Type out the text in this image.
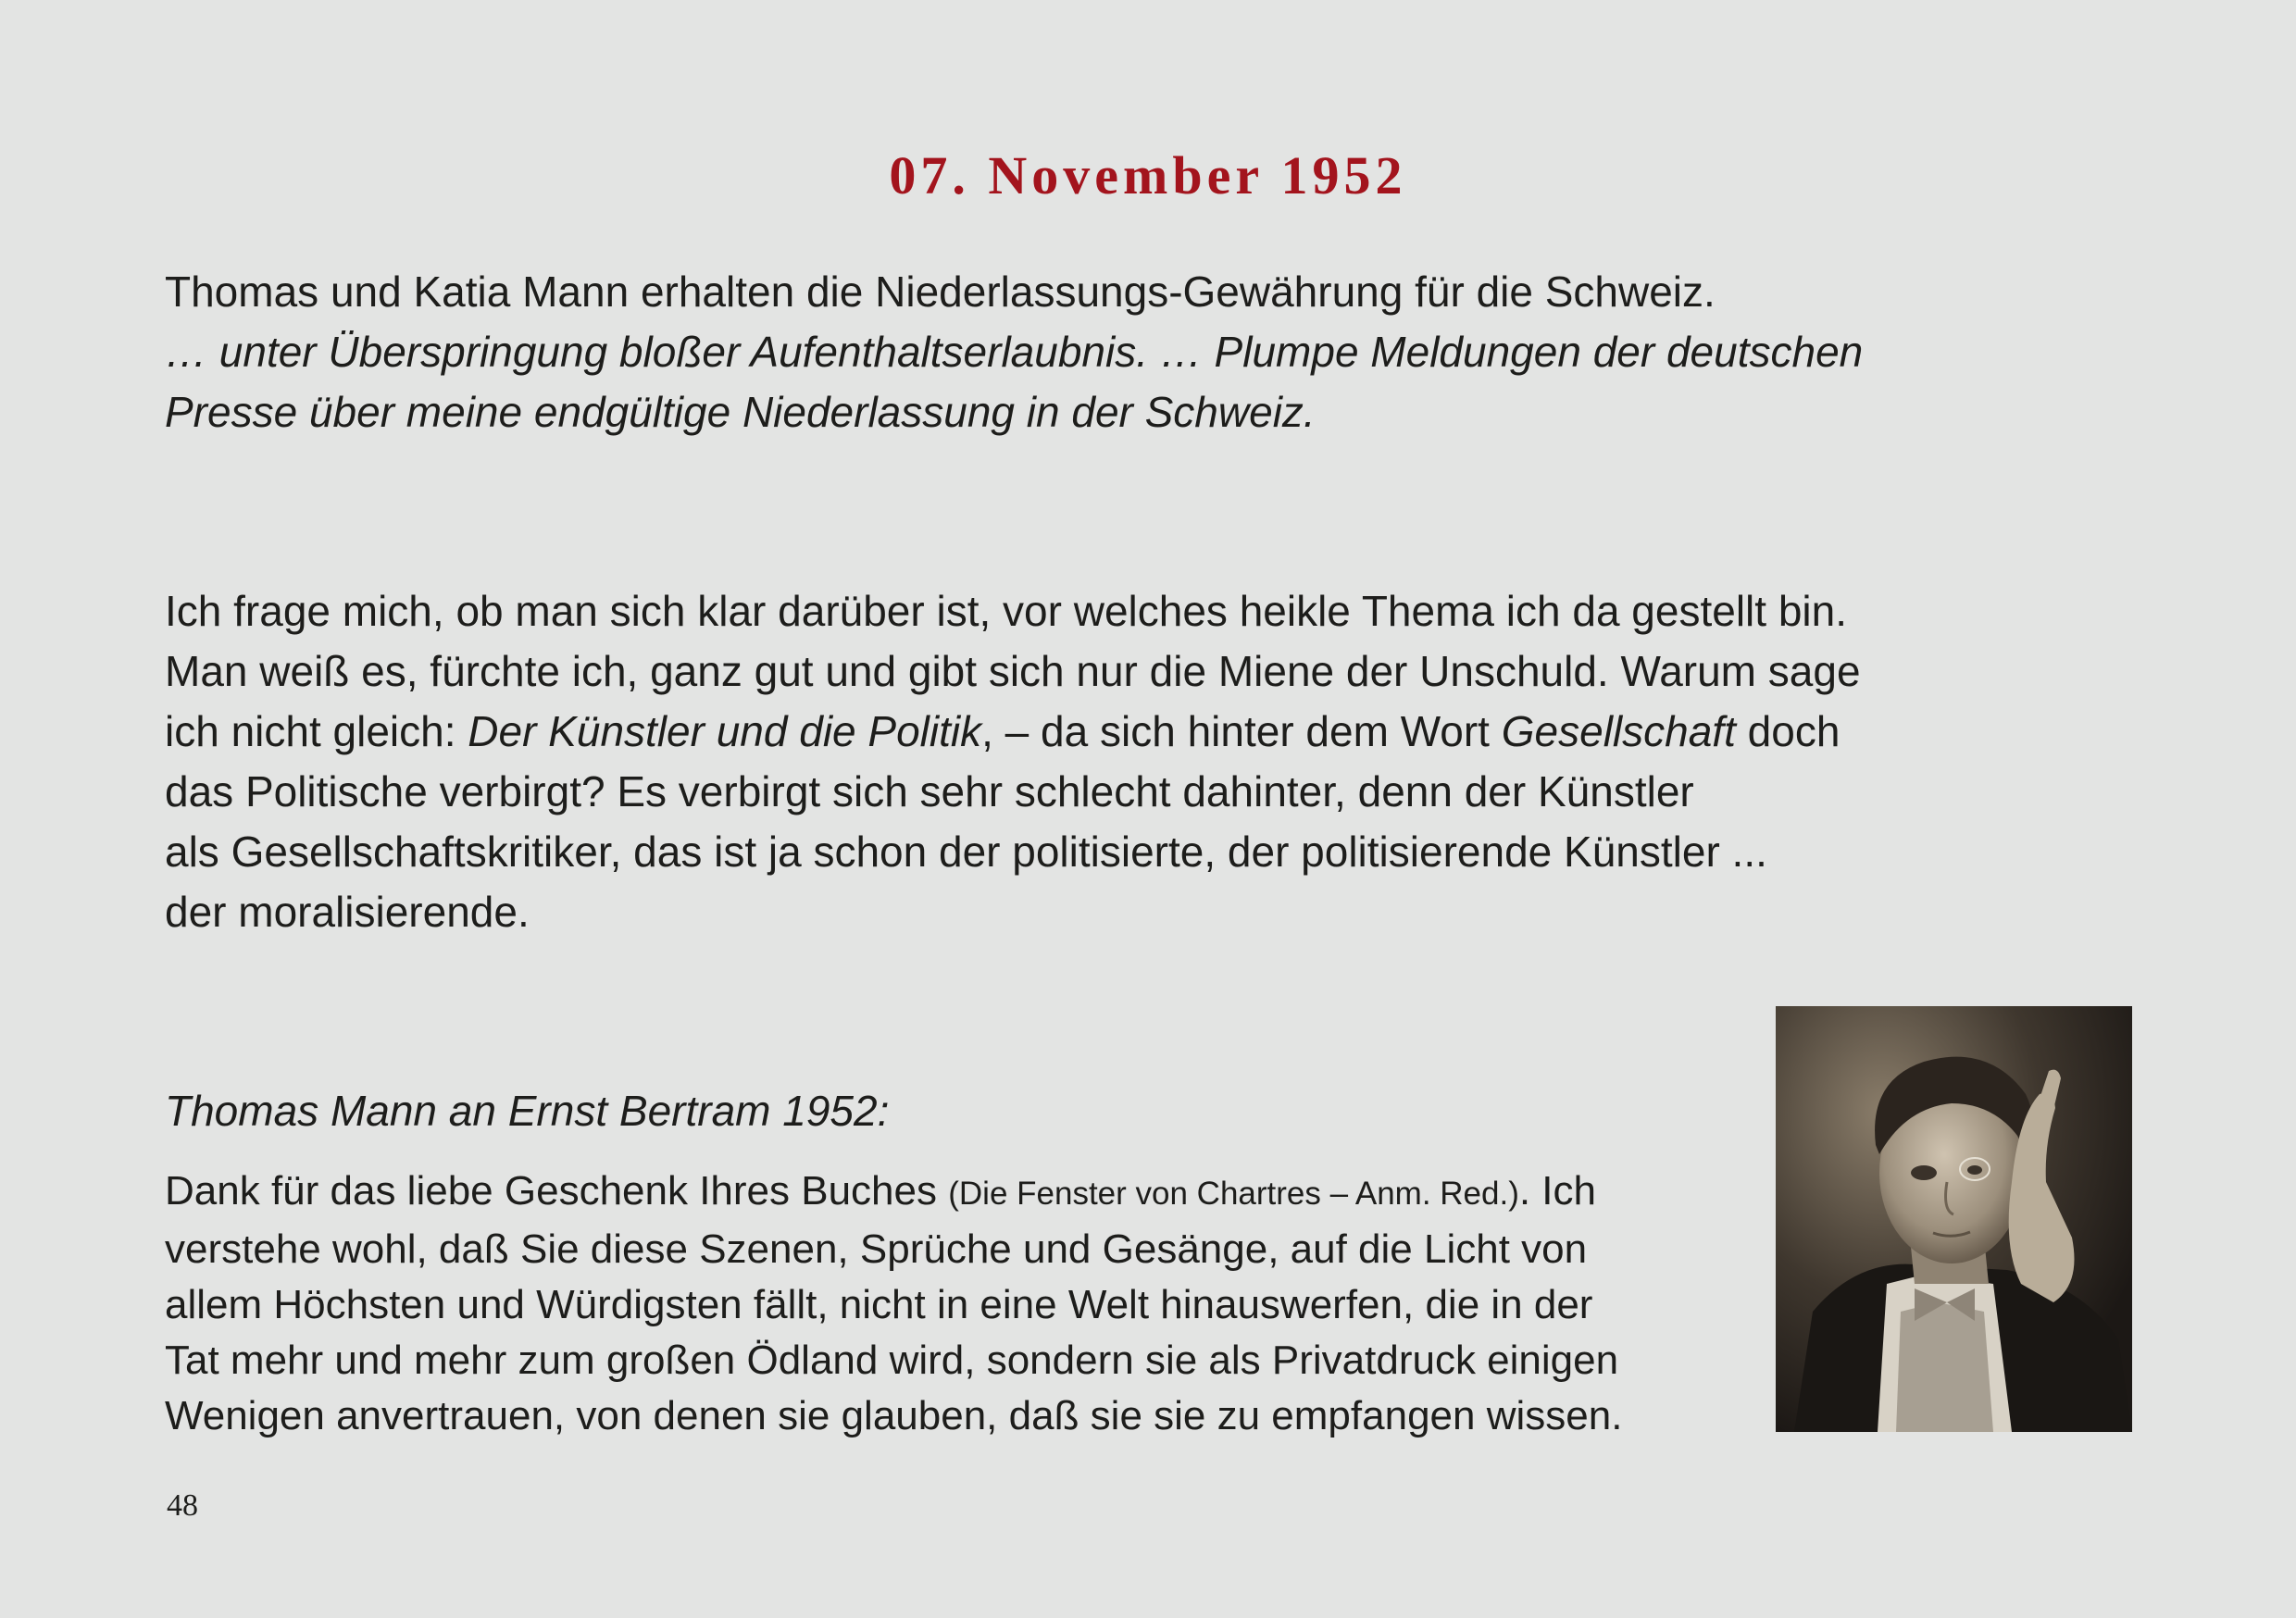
07. November 1952

Thomas und Katia Mann erhalten die Niederlassungs-Gewährung für die Schweiz.
… unter Überspringung bloßer Aufenthaltserlaubnis. … Plumpe Meldungen der deutschen
Presse über meine endgültige Niederlassung in der Schweiz.

Ich frage mich, ob man sich klar darüber ist, vor welches heikle Thema ich da gestellt bin.
Man weiß es, fürchte ich, ganz gut und gibt sich nur die Miene der Unschuld. Warum sage
ich nicht gleich: Der Künstler und die Politik, – da sich hinter dem Wort Gesellschaft doch
das Politische verbirgt? Es verbirgt sich sehr schlecht dahinter, denn der Künstler
als Gesellschaftskritiker, das ist ja schon der politisierte, der politisierende Künstler ...
der moralisierende.

Thomas Mann an Ernst Bertram 1952:

Dank für das liebe Geschenk Ihres Buches (Die Fenster von Chartres – Anm. Red.). Ich
verstehe wohl, daß Sie diese Szenen, Sprüche und Gesänge, auf die Licht von
allem Höchsten und Würdigsten fällt, nicht in eine Welt hinauswerfen, die in der
Tat mehr und mehr zum großen Ödland wird, sondern sie als Privatdruck einigen
Wenigen anvertrauen, von denen sie glauben, daß sie sie zu empfangen wissen.

48
